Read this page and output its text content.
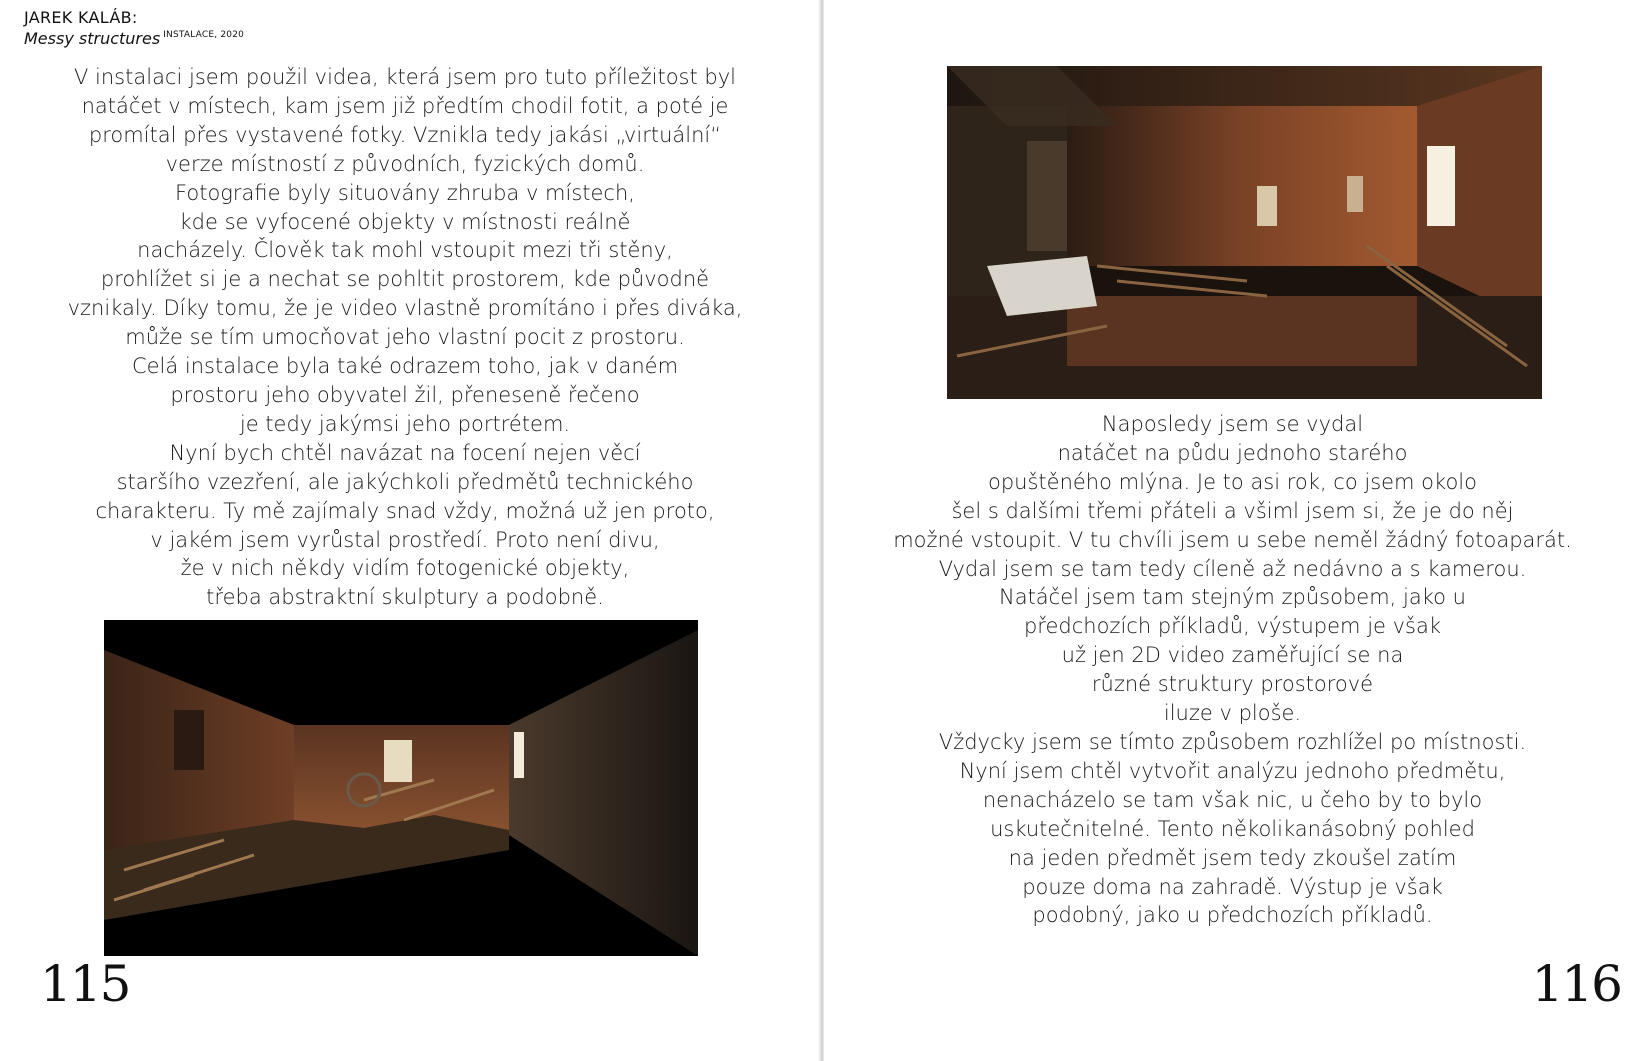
JAREK KALÁB:
Messy structures $^{INSTALACE, 2020}$
V instalaci jsem použil videa, která jsem pro tuto příležitost byl
natáčet v místech, kam jsem již předtím chodil fotit, a poté je
promítal přes vystavené fotky. Vznikla tedy jakási „virtuální“
verze místností z původních, fyzických domů.
Fotografie byly situovány zhruba v místech,
kde se vyfocené objekty v místnosti reálně
nacházely. Člověk tak mohl vstoupit mezi tři stěny,
prohlížet si je a nechat se pohltit prostorem, kde původně
vznikaly. Díky tomu, že je video vlastně promítáno i přes diváka,
může se tím umocňovat jeho vlastní pocit z prostoru.
Celá instalace byla také odrazem toho, jak v daném
prostoru jeho obyvatel žil, přeneseně řečeno
je tedy jakýmsi jeho portrétem.
Nyní bych chtěl navázat na focení nejen věcí
staršího vzezření, ale jakýchkoli předmětů technického
charakteru. Ty mě zajímaly snad vždy, možná už jen proto,
v jakém jsem vyrůstal prostředí. Proto není divu,
že v nich někdy vidím fotogenické objekty,
třeba abstraktní skulptury a podobně.
115
Naposledy jsem se vydal
natáčet na půdu jednoho starého
opuštěného mlýna. Je to asi rok, co jsem okolo
šel s dalšími třemi přáteli a všiml jsem si, že je do něj
možné vstoupit. V tu chvíli jsem u sebe neměl žádný fotoaparát.
Vydal jsem se tam tedy cíleně až nedávno a s kamerou.
Natáčel jsem tam stejným způsobem, jako u
předchozích příkladů, výstupem je však
už jen 2D video zaměřující se na
různé struktury prostorové
iluze v ploše.
Vždycky jsem se tímto způsobem rozhlížel po místnosti.
Nyní jsem chtěl vytvořit analýzu jednoho předmětu,
nenacházelo se tam však nic, u čeho by to bylo
uskutečnitelné. Tento několikanásobný pohled
na jeden předmět jsem tedy zkoušel zatím
pouze doma na zahradě. Výstup je však
podobný, jako u předchozích příkladů.
116
